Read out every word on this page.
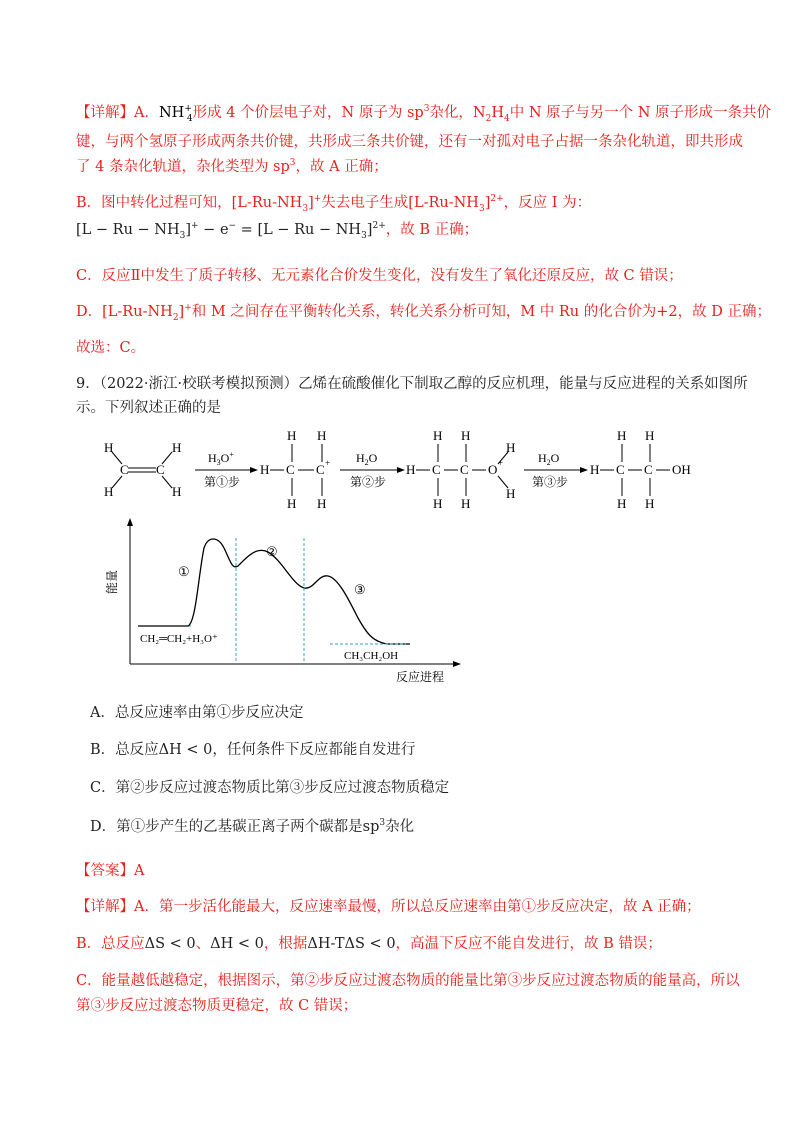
【详解】A．$NH^+_4$形成 4 个价层电子对，N 原子为 $sp^3$杂化，$N_2H_4$中 N 原子与另一个 N 原子形成一条共价
键，与两个氢原子形成两条共价键，共形成三条共价键，还有一对孤对电子占据一条杂化轨道，即共形成
了 4 条杂化轨道，杂化类型为 $sp^3$，故 A 正确；
B．图中转化过程可知，$[L-Ru-NH_3]^+$失去电子生成$[L-Ru-NH_3]^{2+}$，反应 I 为：
$[L - Ru - NH_3]^+ - e^- = [L - Ru - NH_3]^{2+}$，故 B 正确；
C．反应Ⅱ中发生了质子转移、无元素化合价发生变化，没有发生了氧化还原反应，故 C 错误；
D．$[L-Ru-NH_2]^+$和 M 之间存在平衡转化关系，转化关系分析可知，M 中 Ru 的化合价为+2，故 D 正确；
故选：C。
9．（2022·浙江·校联考模拟预测）乙烯在硫酸催化下制取乙醇的反应机理，能量与反应进程的关系如图所
示。下列叙述正确的是
H
H
H
H
C C
$H_3O^+$
第①步
H C C +
H H
H H
$H_2O$
第②步
H C C O +
H H
H H
H
H
$H_2O$
第③步
H C C OH
H H
H H
①
②
③
CH₂═CH₂+H₃O⁺
CH₃CH₂OH
反应进程
能量
A．总反应速率由第①步反应决定
B．总反应ΔH < 0，任何条件下反应都能自发进行
C．第②步反应过渡态物质比第③步反应过渡态物质稳定
D．第①步产生的乙基碳正离子两个碳都是$sp^3$杂化
【答案】A
【详解】A．第一步活化能最大，反应速率最慢，所以总反应速率由第①步反应决定，故 A 正确；
B．总反应ΔS < 0、ΔH < 0，根据ΔH-TΔS < 0，高温下反应不能自发进行，故 B 错误；
C．能量越低越稳定，根据图示，第②步反应过渡态物质的能量比第③步反应过渡态物质的能量高，所以
第③步反应过渡态物质更稳定，故 C 错误；
